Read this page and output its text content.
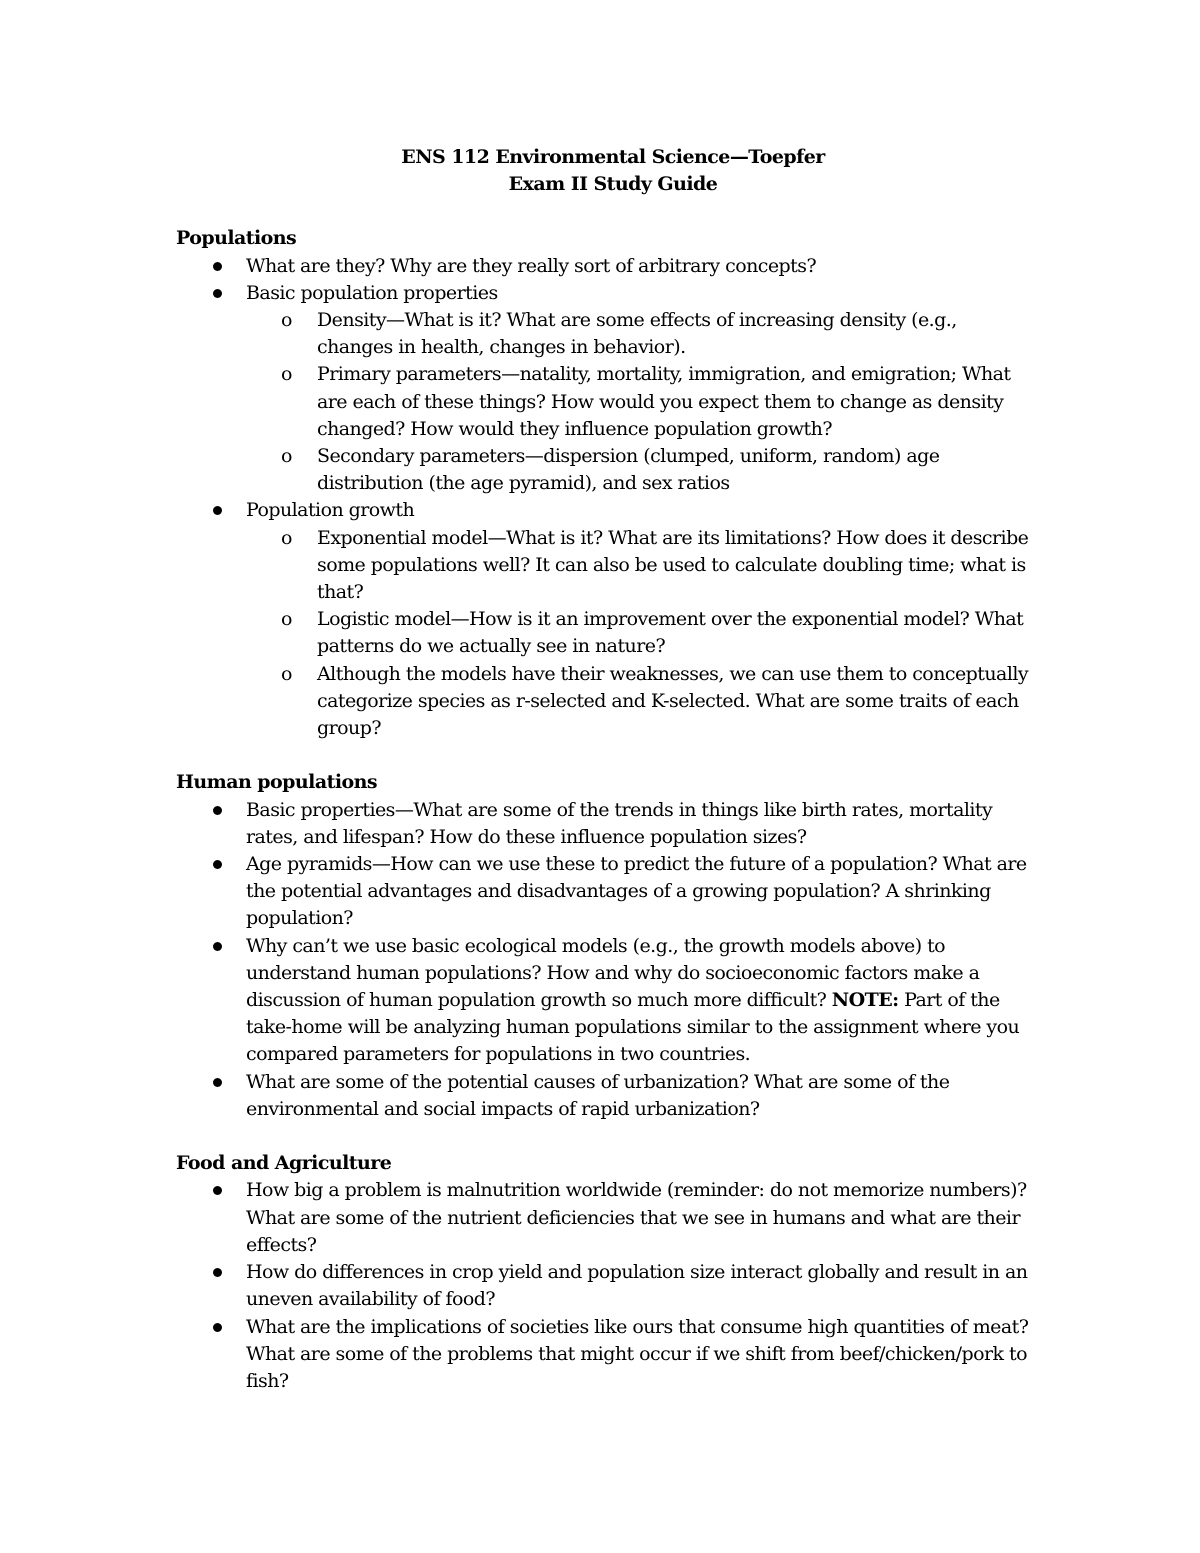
ENS 112 Environmental Science—Toepfer
Exam II Study Guide
Populations
What are they? Why are they really sort of arbitrary concepts?
Basic population properties
o Density—What is it? What are some effects of increasing density (e.g., changes in health, changes in behavior).
o Primary parameters—natality, mortality, immigration, and emigration; What are each of these things? How would you expect them to change as density changed? How would they influence population growth?
o Secondary parameters—dispersion (clumped, uniform, random) age distribution (the age pyramid), and sex ratios
Population growth
o Exponential model—What is it? What are its limitations? How does it describe some populations well? It can also be used to calculate doubling time; what is that?
o Logistic model—How is it an improvement over the exponential model? What patterns do we actually see in nature?
o Although the models have their weaknesses, we can use them to conceptually categorize species as r-selected and K-selected. What are some traits of each group?
Human populations
Basic properties—What are some of the trends in things like birth rates, mortality rates, and lifespan? How do these influence population sizes?
Age pyramids—How can we use these to predict the future of a population? What are the potential advantages and disadvantages of a growing population? A shrinking population?
Why can’t we use basic ecological models (e.g., the growth models above) to understand human populations? How and why do socioeconomic factors make a discussion of human population growth so much more difficult? NOTE: Part of the take-home will be analyzing human populations similar to the assignment where you compared parameters for populations in two countries.
What are some of the potential causes of urbanization? What are some of the environmental and social impacts of rapid urbanization?
Food and Agriculture
How big a problem is malnutrition worldwide (reminder: do not memorize numbers)? What are some of the nutrient deficiencies that we see in humans and what are their effects?
How do differences in crop yield and population size interact globally and result in an uneven availability of food?
What are the implications of societies like ours that consume high quantities of meat? What are some of the problems that might occur if we shift from beef/chicken/pork to fish?
